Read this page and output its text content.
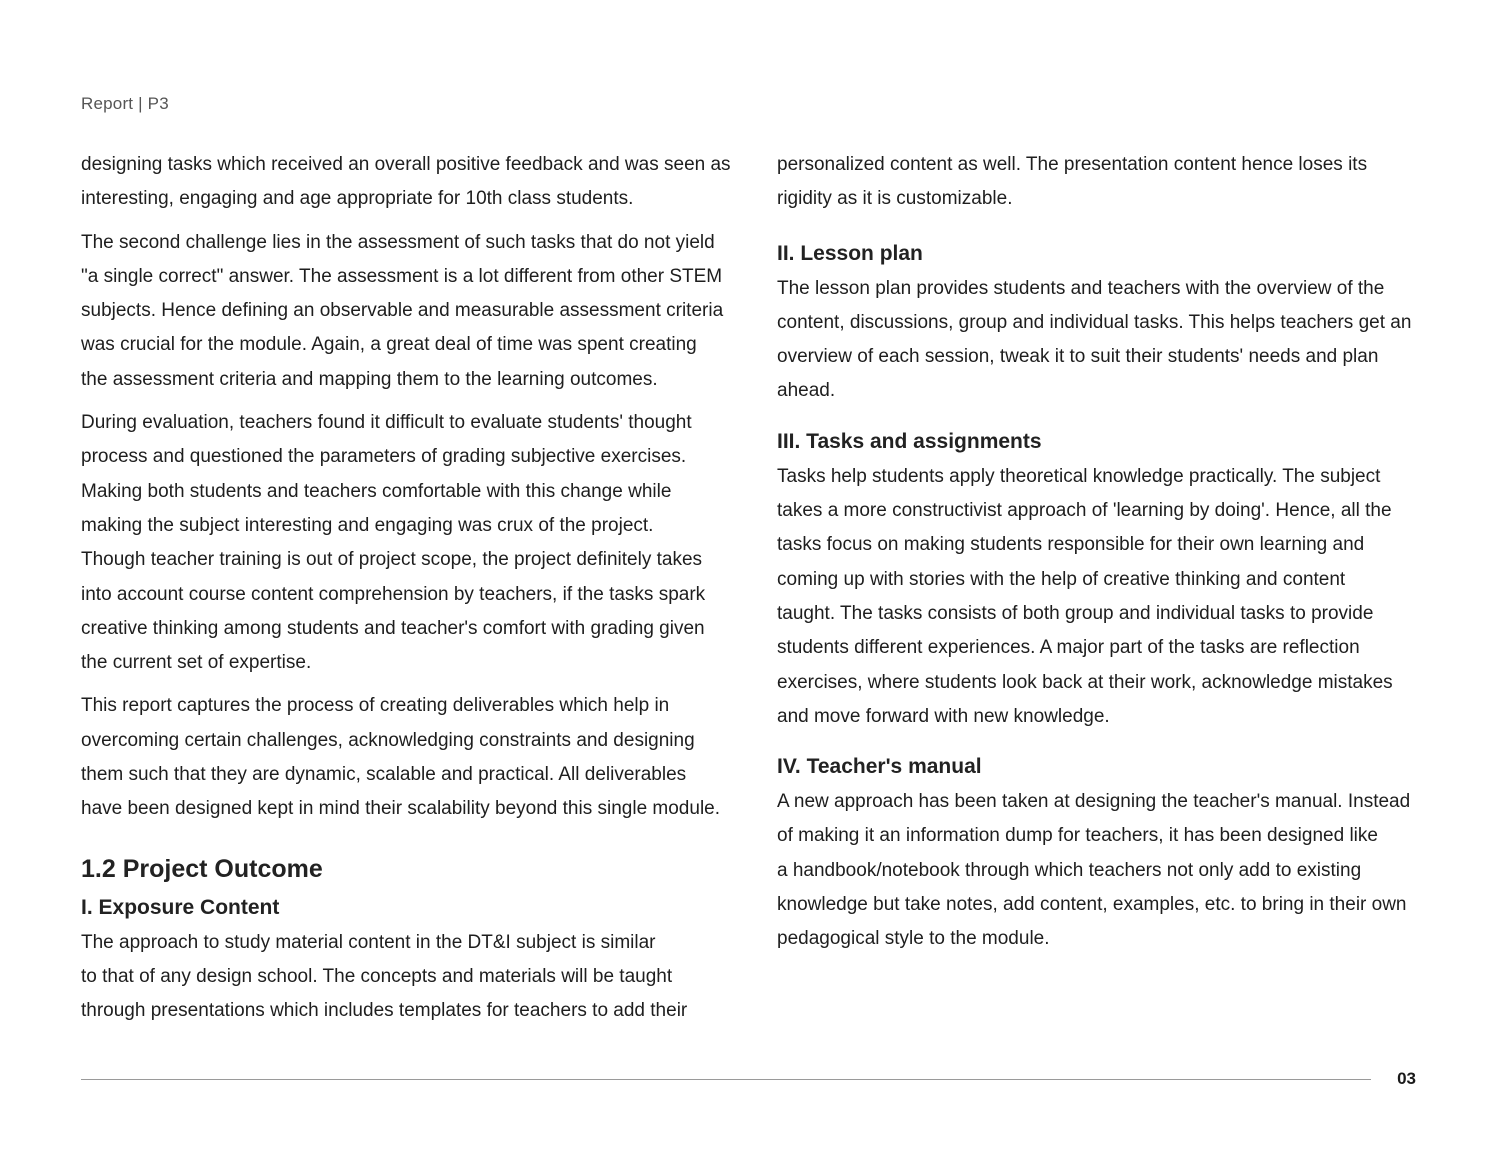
Report | P3

designing tasks which received an overall positive feedback and was seen as

interesting, engaging and age appropriate for 10th class students.

The second challenge lies in the assessment of such tasks that do not yield

"a single correct" answer. The assessment is a lot different from other STEM

subjects. Hence defining an observable and measurable assessment criteria

was crucial for the module. Again, a great deal of time was spent creating

the assessment criteria and mapping them to the learning outcomes.

During evaluation, teachers found it difficult to evaluate students' thought

process and questioned the parameters of grading subjective exercises.

Making both students and teachers comfortable with this change while

making the subject interesting and engaging was crux of the project.

Though teacher training is out of project scope, the project definitely takes

into account course content comprehension by teachers, if the tasks spark

creative thinking among students and teacher's comfort with grading given

the current set of expertise.

This report captures the process of creating deliverables which help in

overcoming certain challenges, acknowledging constraints and designing

them such that they are dynamic, scalable and practical. All deliverables

have been designed kept in mind their scalability beyond this single module.

1.2 Project Outcome
I. Exposure Content

The approach to study material content in the DT&I subject is similar

to that of any design school. The concepts and materials will be taught

through presentations which includes templates for teachers to add their

personalized content as well. The presentation content hence loses its

rigidity as it is customizable.

II. Lesson plan

The lesson plan provides students and teachers with the overview of the

content, discussions, group and individual tasks. This helps teachers get an

overview of each session, tweak it to suit their students' needs and plan

ahead.

III. Tasks and assignments

Tasks help students apply theoretical knowledge practically. The subject

takes a more constructivist approach of 'learning by doing'. Hence, all the

tasks focus on making students responsible for their own learning and

coming up with stories with the help of creative thinking and content

taught. The tasks consists of both group and individual tasks to provide

students different experiences. A major part of the tasks are reflection

exercises, where students look back at their work, acknowledge mistakes

and move forward with new knowledge.

IV. Teacher's manual

A new approach has been taken at designing the teacher's manual. Instead

of making it an information dump for teachers, it has been designed like

a handbook/notebook through which teachers not only add to existing

knowledge but take notes, add content, examples, etc. to bring in their own

pedagogical style to the module.

03
